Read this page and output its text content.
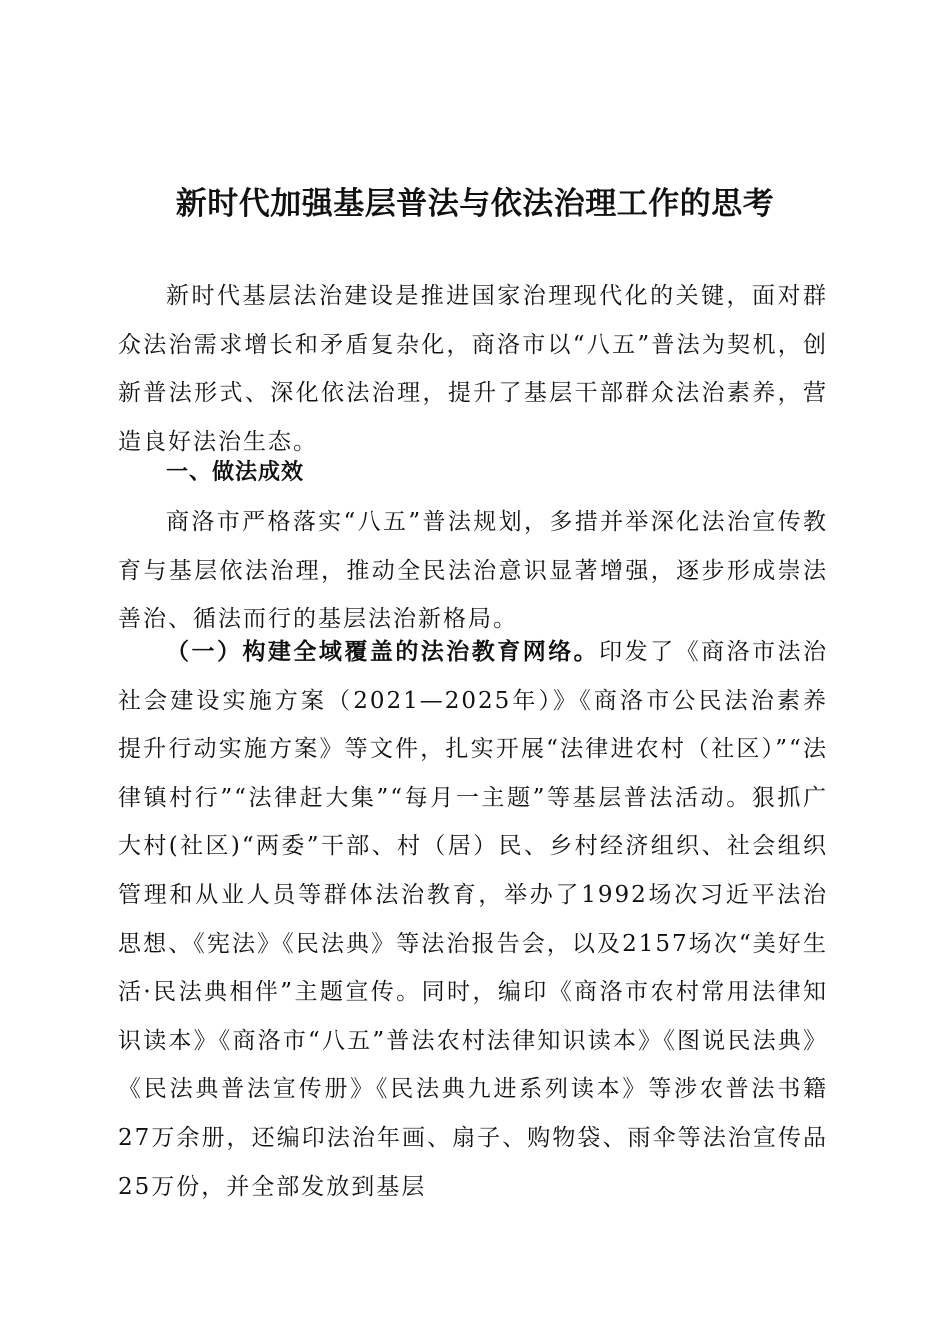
新时代加强基层普法与依法治理工作的思考

新时代基层法治建设是推进国家治理现代化的关键，面对群众法治需求增长和矛盾复杂化，商洛市以“八五”普法为契机，创新普法形式、深化依法治理，提升了基层干部群众法治素养，营造良好法治生态。

一、做法成效

商洛市严格落实“八五”普法规划，多措并举深化法治宣传教育与基层依法治理，推动全民法治意识显著增强，逐步形成崇法善治、循法而行的基层法治新格局。

（一）构建全域覆盖的法治教育网络。印发了《商洛市法治社会建设实施方案（2021—2025年）》《商洛市公民法治素养提升行动实施方案》等文件，扎实开展“法律进农村（社区）”“法律镇村行”“法律赶大集”“每月一主题”等基层普法活动。狠抓广大村(社区)“两委”干部、村（居）民、乡村经济组织、社会组织管理和从业人员等群体法治教育，举办了1992场次习近平法治思想、《宪法》《民法典》等法治报告会，以及2157场次“美好生活·民法典相伴”主题宣传。同时，编印《商洛市农村常用法律知识读本》《商洛市“八五”普法农村法律知识读本》《图说民法典》《民法典普法宣传册》《民法典九进系列读本》等涉农普法书籍27万余册，还编印法治年画、扇子、购物袋、雨伞等法治宣传品25万份，并全部发放到基层
